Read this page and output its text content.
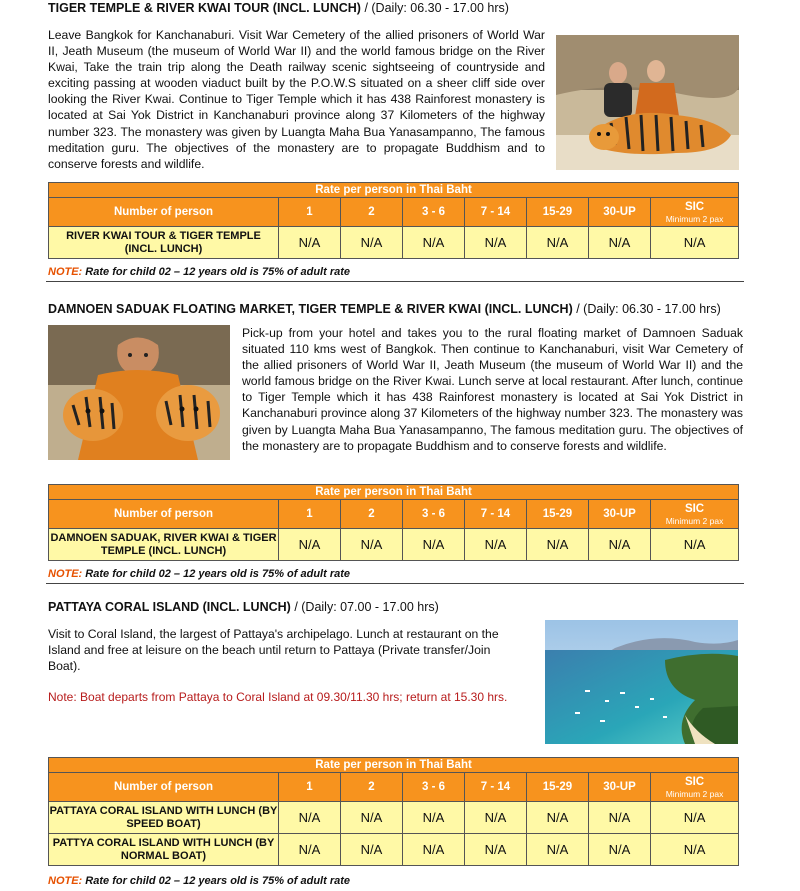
TIGER TEMPLE & RIVER KWAI TOUR (INCL. LUNCH) / (Daily: 06.30 - 17.00 hrs)

Leave Bangkok for Kanchanaburi. Visit War Cemetery of the allied prisoners of World War II, Jeath Museum (the museum of World War II) and the world famous bridge on the River Kwai, Take the train trip along the Death railway scenic sightseeing of countryside and exciting passing at wooden viaduct built by the P.O.W.S situated on a sheer cliff side over looking the River Kwai. Continue to Tiger Temple which it has 438 Rainforest monastery is located at Sai Yok District in Kanchanaburi province along 37 Kilometers of the highway number 323. The monastery was given by Luangta Maha Bua Yanasampanno, The famous meditation guru. The objectives of the monastery are to propagate Buddhism and to conserve forests and wildlife.

Rate per person in Thai Baht							
Number of person	1	2	3 - 6	7 - 14	15-29	30-UP	SIC
Minimum 2 pax

RIVER KWAI TOUR & TIGER TEMPLE (INCL. LUNCH)	N/A	N/A	N/A	N/A	N/A	N/A	N/A
NOTE: Rate for child 02 – 12 years old is 75% of adult rate
DAMNOEN SADUAK FLOATING MARKET, TIGER TEMPLE & RIVER KWAI (INCL. LUNCH) / (Daily: 06.30 - 17.00 hrs)

Pick-up from your hotel and takes you to the rural floating market of Damnoen Saduak situated 110 kms west of Bangkok. Then continue to Kanchanaburi, visit War Cemetery of the allied prisoners of World War II, Jeath Museum (the museum of World War II) and the world famous bridge on the River Kwai. Lunch serve at local restaurant. After lunch, continue to Tiger Temple which it has 438 Rainforest monastery is located at Sai Yok District in Kanchanaburi province along 37 Kilometers of the highway number 323. The monastery was given by Luangta Maha Bua Yanasampanno, The famous meditation guru. The objectives of the monastery are to propagate Buddhism and to conserve forests and wildlife.

Rate per person in Thai Baht							
Number of person	1	2	3 - 6	7 - 14	15-29	30-UP	SIC
Minimum 2 pax

DAMNOEN SADUAK, RIVER KWAI & TIGER TEMPLE (INCL. LUNCH)	N/A	N/A	N/A	N/A	N/A	N/A	N/A
NOTE: Rate for child 02 – 12 years old is 75% of adult rate
PATTAYA CORAL ISLAND (INCL. LUNCH) / (Daily: 07.00 - 17.00 hrs)

Visit to Coral Island, the largest of Pattaya's archipelago. Lunch at restaurant on the Island and free at leisure on the beach until return to Pattaya (Private transfer/Join Boat).

Note: Boat departs from Pattaya to Coral Island at 09.30/11.30 hrs; return at 15.30 hrs.
Rate per person in Thai Baht							
Number of person	1	2	3 - 6	7 - 14	15-29	30-UP	SIC
Minimum 2 pax

PATTAYA CORAL ISLAND WITH LUNCH (BY SPEED BOAT)	N/A	N/A	N/A	N/A	N/A	N/A	N/A
PATTYA CORAL ISLAND WITH LUNCH (BY NORMAL BOAT)	N/A	N/A	N/A	N/A	N/A	N/A	N/A
NOTE: Rate for child 02 – 12 years old is 75% of adult rate
